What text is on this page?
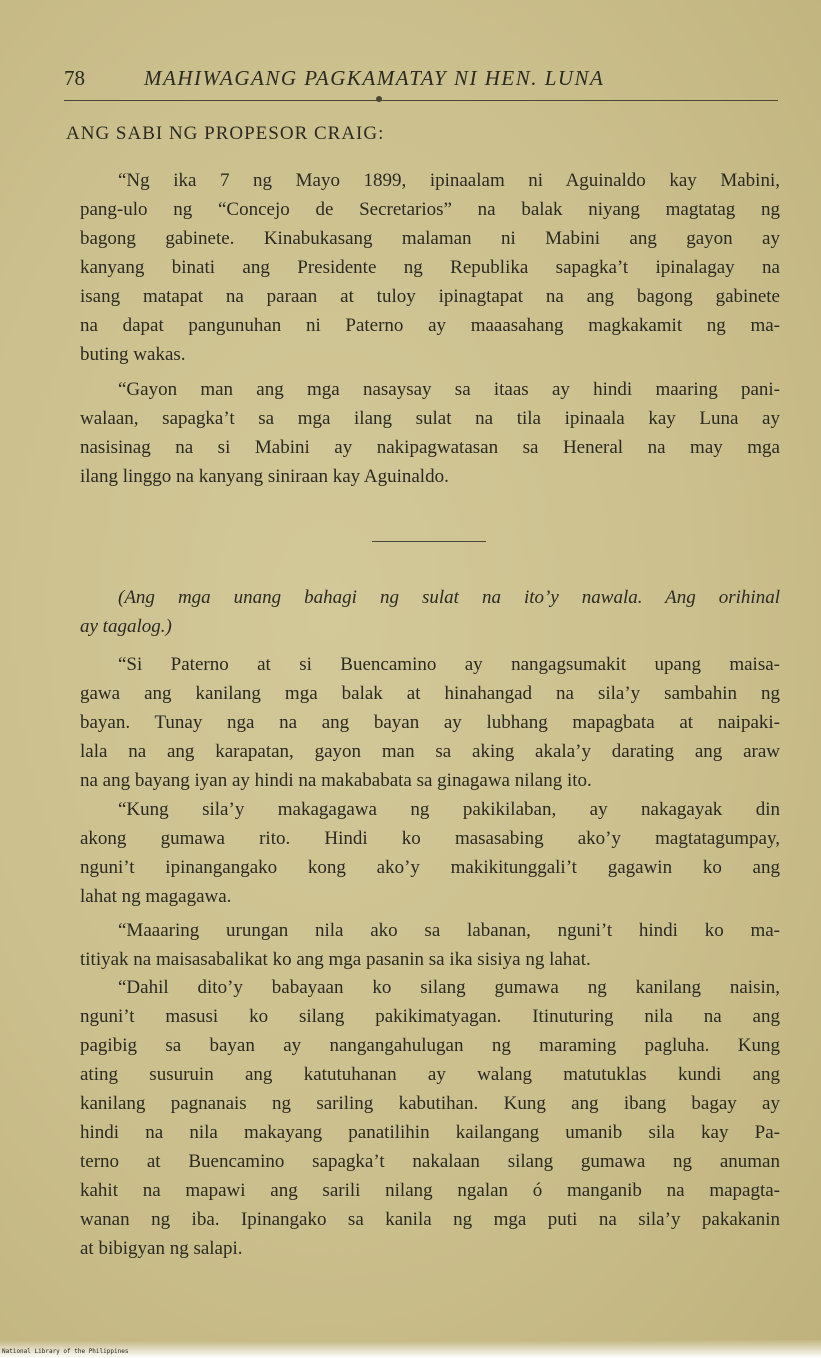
78	MAHIWAGANG PAGKAMATAY NI HEN. LUNA
ANG SABI NG PROPESOR CRAIG:
“Ng ika 7 ng Mayo 1899, ipinaalam ni Aguinaldo kay Mabini,
pang-ulo ng “Concejo de Secretarios” na balak niyang magtatag ng
bagong gabinete. Kinabukasang malaman ni Mabini ang gayon ay
kanyang binati ang Presidente ng Republika sapagka’t ipinalagay na
isang matapat na paraan at tuloy ipinagtapat na ang bagong gabinete
na dapat pangunuhan ni Paterno ay maaasahang magkakamit ng ma-
buting wakas.
“Gayon man ang mga nasaysay sa itaas ay hindi maaring pani-
walaan, sapagka’t sa mga ilang sulat na tila ipinaala kay Luna ay
nasisinag na si Mabini ay nakipagwatasan sa Heneral na may mga
ilang linggo na kanyang siniraan kay Aguinaldo.
(Ang mga unang bahagi ng sulat na ito’y nawala. Ang orihinal
ay tagalog.)
“Si Paterno at si Buencamino ay nangagsumakit upang maisa-
gawa ang kanilang mga balak at hinahangad na sila’y sambahin ng
bayan. Tunay nga na ang bayan ay lubhang mapagbata at naipaki-
lala na ang karapatan, gayon man sa aking akala’y darating ang araw
na ang bayang iyan ay hindi na makababata sa ginagawa nilang ito.
“Kung sila’y makagagawa ng pakikilaban, ay nakagayak din
akong gumawa rito. Hindi ko masasabing ako’y magtatagumpay,
nguni’t ipinangangako kong ako’y makikitunggali’t gagawin ko ang
lahat ng magagawa.
“Maaaring urungan nila ako sa labanan, nguni’t hindi ko ma-
titiyak na maisasabalikat ko ang mga pasanin sa ika sisiya ng lahat.
“Dahil dito’y babayaan ko silang gumawa ng kanilang naisin,
nguni’t masusi ko silang pakikimatyagan. Itinuturing nila na ang
pagibig sa bayan ay nangangahulugan ng maraming pagluha. Kung
ating susuruin ang katutuhanan ay walang matutuklas kundi ang
kanilang pagnanais ng sariling kabutihan. Kung ang ibang bagay ay
hindi na nila makayang panatilihin kailangang umanib sila kay Pa-
terno at Buencamino sapagka’t nakalaan silang gumawa ng anuman
kahit na mapawi ang sarili nilang ngalan ó manganib na mapagta-
wanan ng iba. Ipinangako sa kanila ng mga puti na sila’y pakakanin
at bibigyan ng salapi.
National Library of the Philippines
